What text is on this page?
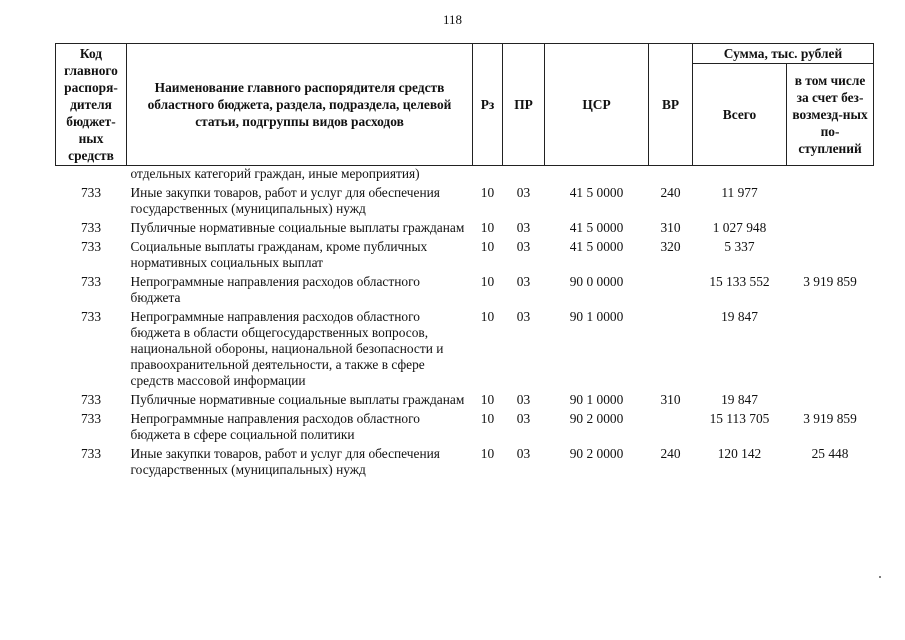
118
Код главного распоря-дителя бюджет-ных средств	Наименование главного распорядителя средств областного бюджета, раздела, подраздела, целевой статьи, подгруппы видов расходов	Рз	ПР	ЦСР	ВР	Сумма, тыс. рублей	
						Всего	в том числе за счет без-возмезд-ных по-ступлений
	отдельных категорий граждан, иные мероприятия)						
733	Иные закупки товаров, работ и услуг для обеспечения государственных (муниципальных) нужд	10	03	41 5 0000	240	11 977	
733	Публичные нормативные социальные выплаты гражданам	10	03	41 5 0000	310	1 027 948	
733	Социальные выплаты гражданам, кроме публичных нормативных социальных выплат	10	03	41 5 0000	320	5 337	
733	Непрограммные направления расходов областного бюджета	10	03	90 0 0000		15 133 552	3 919 859
733	Непрограммные направления расходов областного бюджета в области общегосударственных вопросов, национальной обороны, национальной безопасности и правоохранительной деятельности, а также в сфере средств массовой информации	10	03	90 1 0000		19 847	
733	Публичные нормативные социальные выплаты гражданам	10	03	90 1 0000	310	19 847	
733	Непрограммные направления расходов областного бюджета в сфере социальной политики	10	03	90 2 0000		15 113 705	3 919 859
733	Иные закупки товаров, работ и услуг для обеспечения государственных (муниципальных) нужд	10	03	90 2 0000	240	120 142	25 448
